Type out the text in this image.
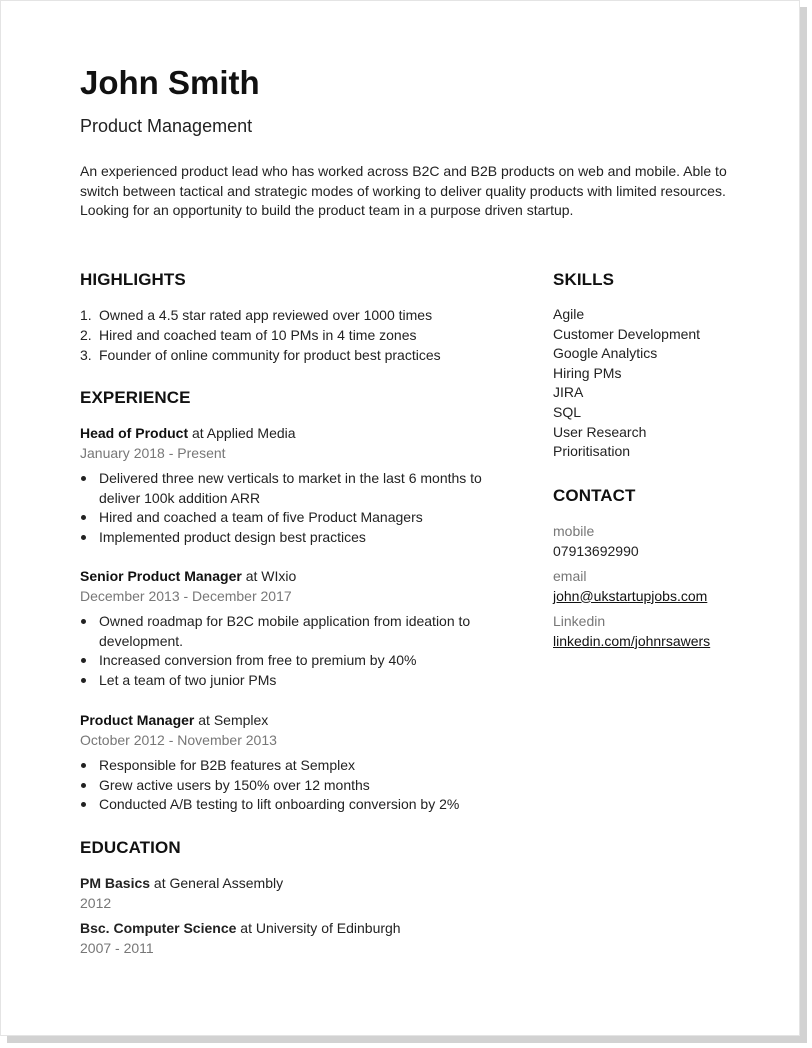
John Smith
Product Management
An experienced product lead who has worked across B2C and B2B products on web and mobile. Able to switch between tactical and strategic modes of working to deliver quality products with limited resources. Looking for an opportunity to build the product team in a purpose driven startup.
HIGHLIGHTS
1. Owned a 4.5 star rated app reviewed over 1000 times
2. Hired and coached team of 10 PMs in 4 time zones
3. Founder of online community for product best practices
EXPERIENCE
Head of Product at Applied Media
January 2018 - Present
Delivered three new verticals to market in the last 6 months to deliver 100k addition ARR
Hired and coached a team of five Product Managers
Implemented product design best practices
Senior Product Manager at WIxio
December 2013 - December 2017
Owned roadmap for B2C mobile application from ideation to development.
Increased conversion from free to premium by 40%
Let a team of two junior PMs
Product Manager at Semplex
October 2012 - November 2013
Responsible for B2B features at Semplex
Grew active users by 150% over 12 months
Conducted A/B testing to lift onboarding conversion by 2%
EDUCATION
PM Basics at General Assembly
2012
Bsc. Computer Science at University of Edinburgh
2007 - 2011
SKILLS
Agile
Customer Development
Google Analytics
Hiring PMs
JIRA
SQL
User Research
Prioritisation
CONTACT
mobile
07913692990
email
john@ukstartupjobs.com
Linkedin
linkedin.com/johnrsawers
